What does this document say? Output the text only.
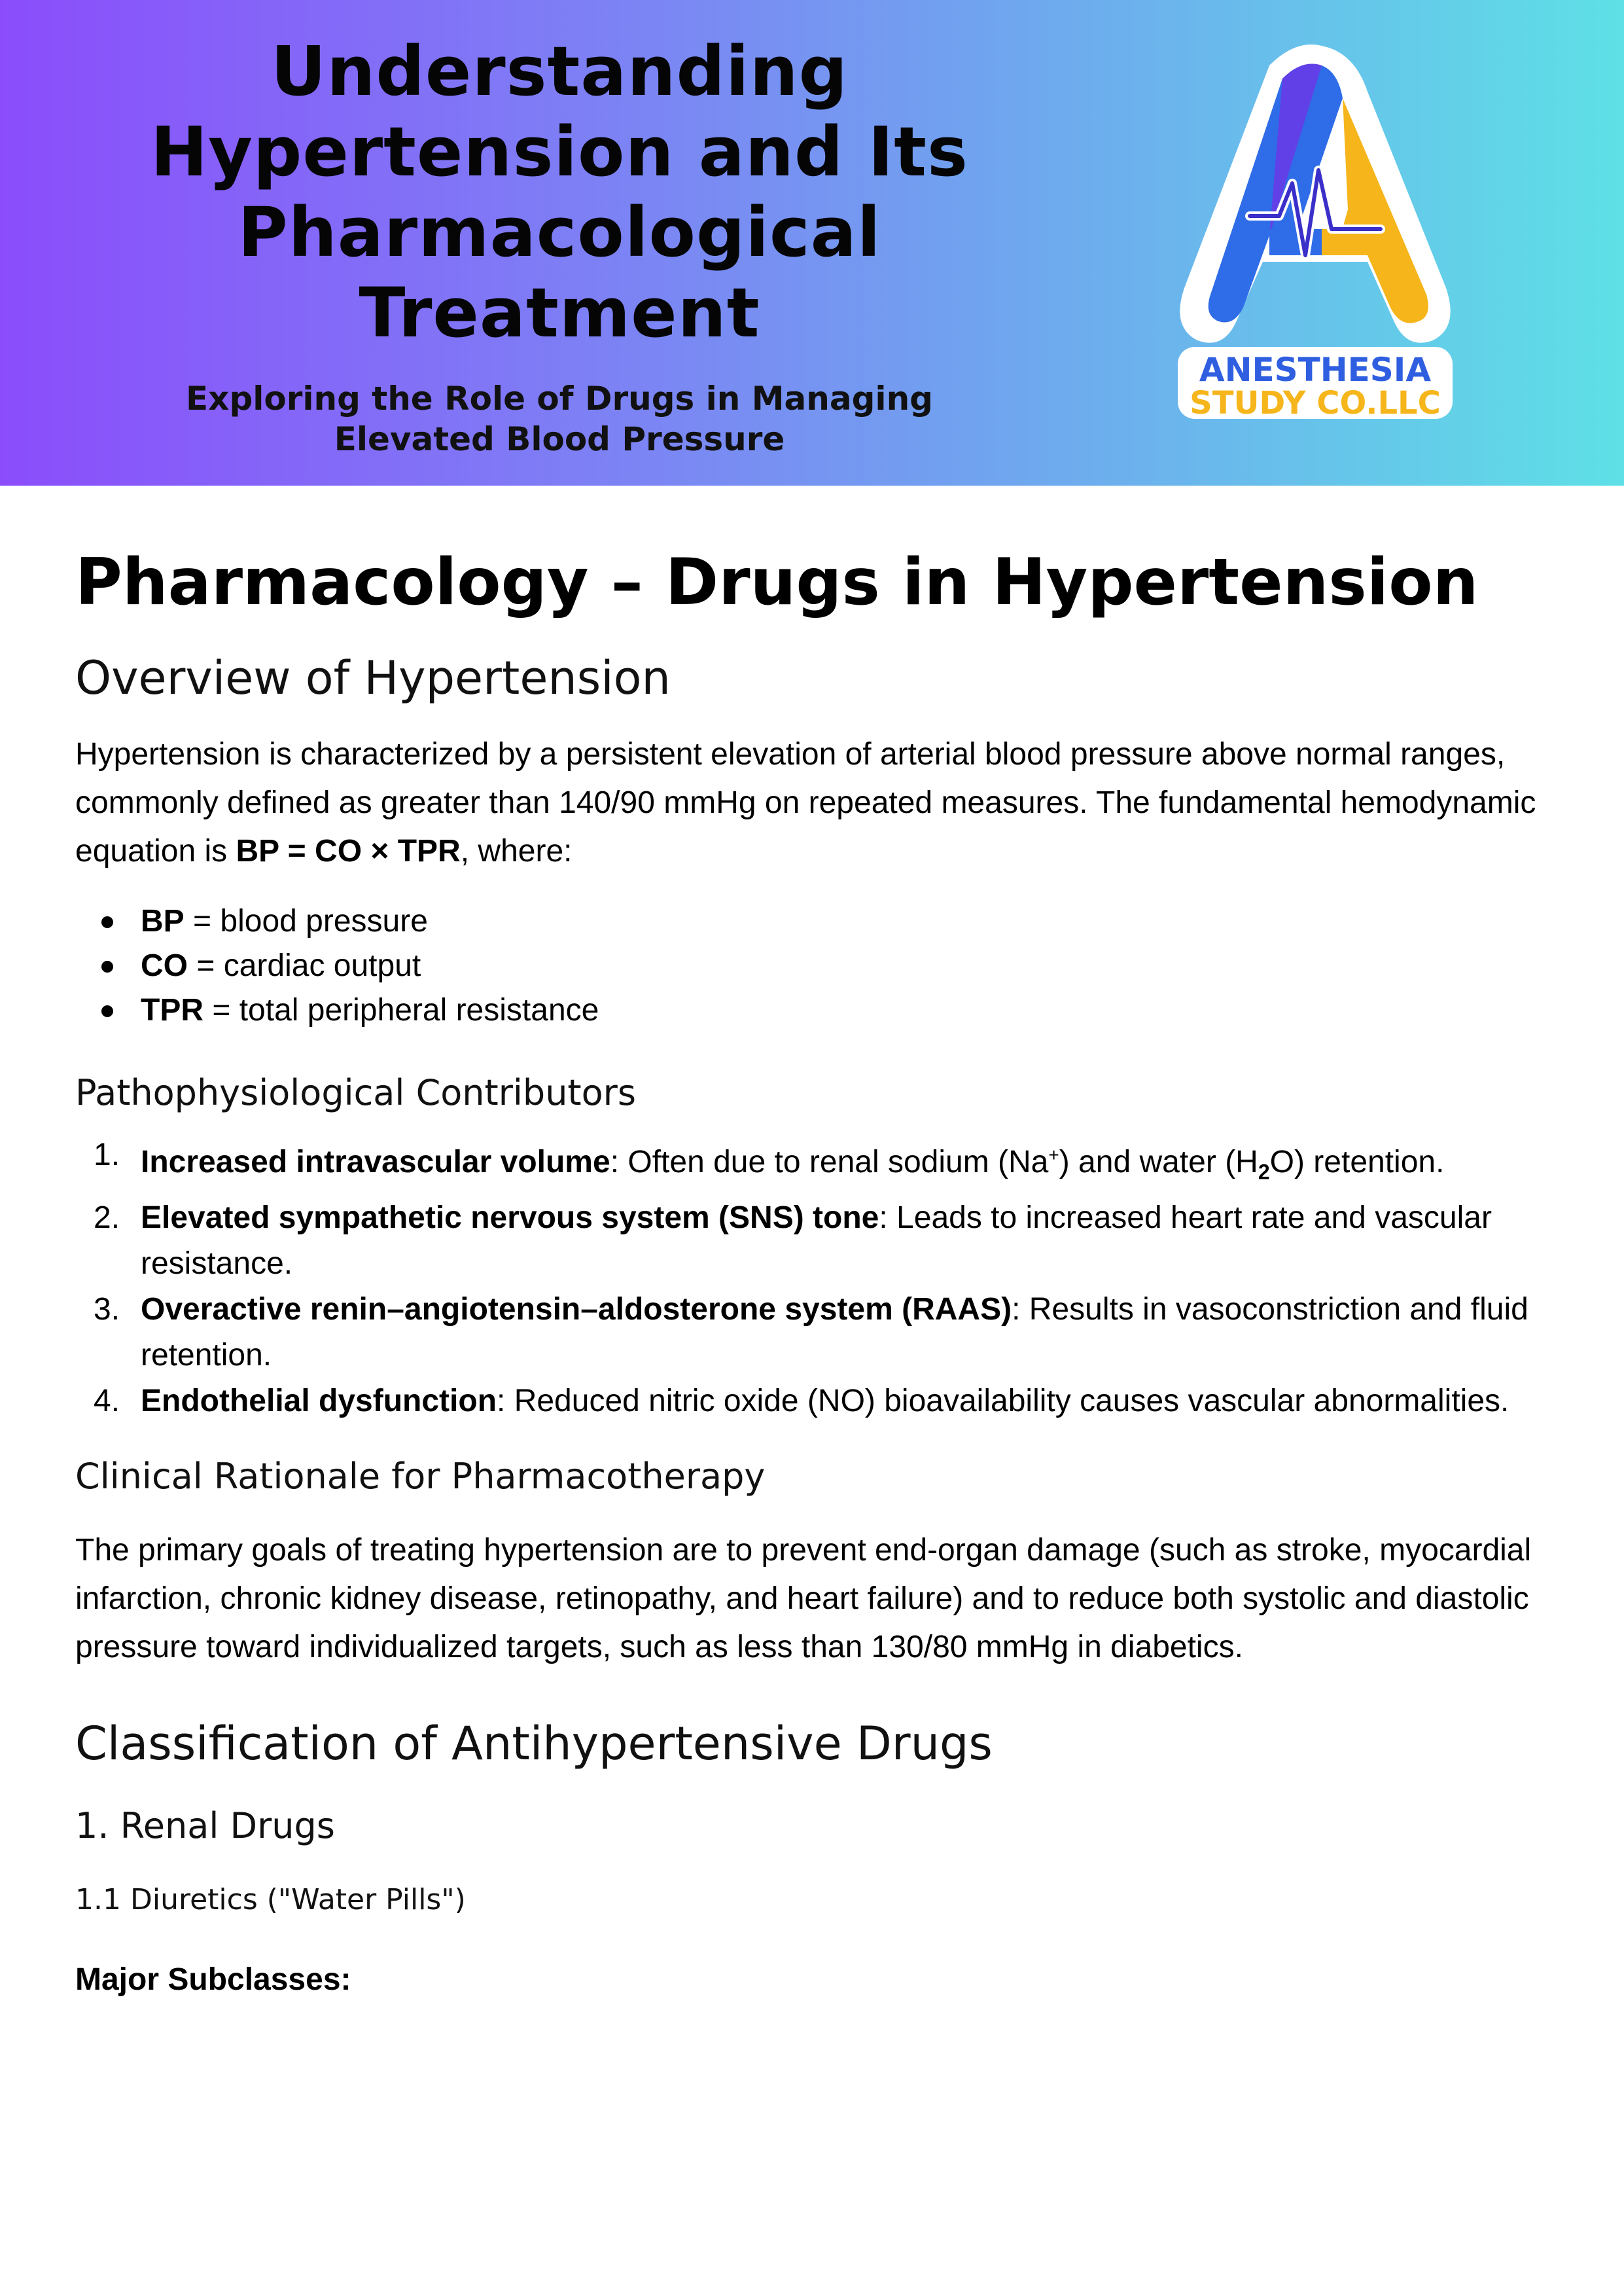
Understanding Hypertension and Its Pharmacological Treatment
Exploring the Role of Drugs in Managing Elevated Blood Pressure
ANESTHESIA
STUDY CO.LLC
Pharmacology – Drugs in Hypertension
Overview of Hypertension

Hypertension is characterized by a persistent elevation of arterial blood pressure above normal ranges, commonly defined as greater than 140/90 mmHg on repeated measures. The fundamental hemodynamic equation is BP = CO × TPR, where:

BP = blood pressure
CO = cardiac output
TPR = total peripheral resistance
Pathophysiological Contributors
1. Increased intravascular volume: Often due to renal sodium (Na+) and water $(H_2O)$ retention.
2. Elevated sympathetic nervous system (SNS) tone: Leads to increased heart rate and vascular resistance.
3. Overactive renin–angiotensin–aldosterone system (RAAS): Results in vasoconstriction and fluid retention.
4. Endothelial dysfunction: Reduced nitric oxide (NO) bioavailability causes vascular abnormalities.
Clinical Rationale for Pharmacotherapy

The primary goals of treating hypertension are to prevent end-organ damage (such as stroke, myocardial infarction, chronic kidney disease, retinopathy, and heart failure) and to reduce both systolic and diastolic pressure toward individualized targets, such as less than 130/80 mmHg in diabetics.

Classification of Antihypertensive Drugs
1. Renal Drugs
1.1 Diuretics ("Water Pills")

Major Subclasses:
